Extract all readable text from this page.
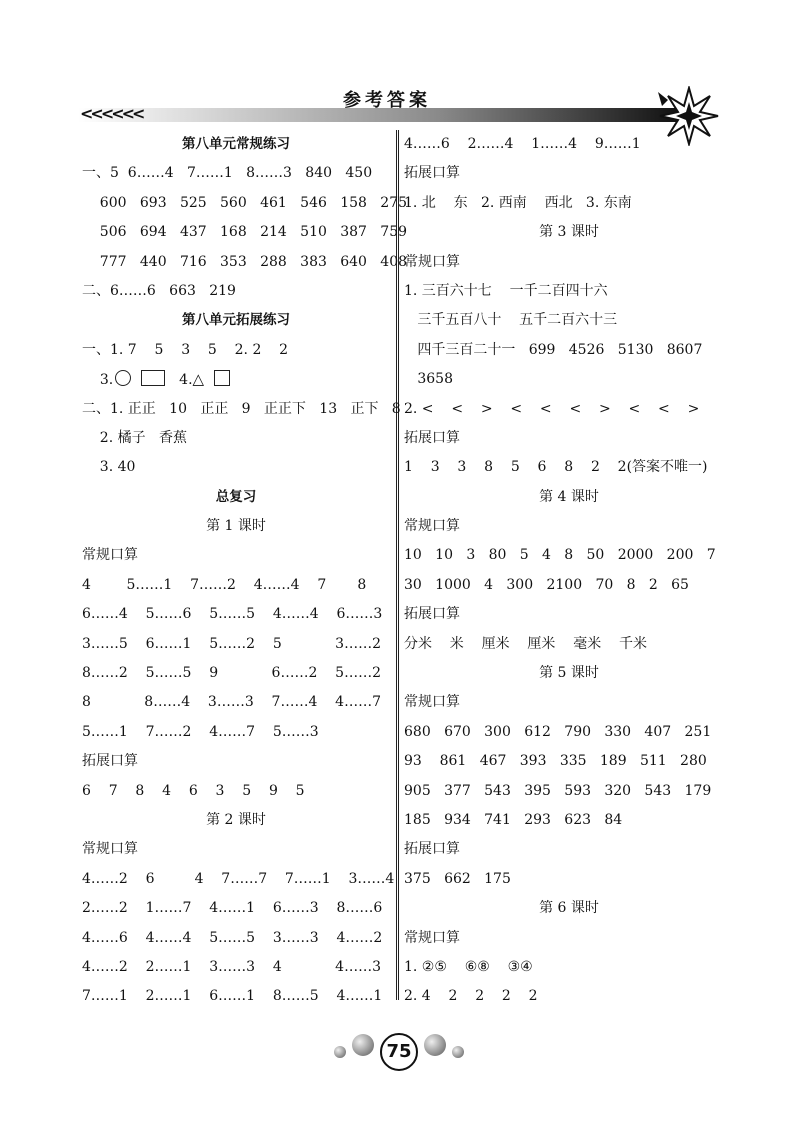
<<<<<<
参考答案
第八单元常规练习
一、5  6……4   7……1   8……3   840   450
600   693   525   560   461   546   158   275
506   694   437   168   214   510   387   759
777   440   716   353   288   383   640   408
二、6……6   663   219
第八单元拓展练习
一、1. 7    5    3    5    2. 2    2
3.	4.△
二、1. 正正   10   正正   9   正正下   13   正下   8
2. 橘子   香蕉
3. 40
总复习
第 1 课时
常规口算
4        5……1    7……2    4……4    7       8
6……4    5……6    5……5    4……4    6……3
3……5    6……1    5……2    5            3……2
8……2    5……5    9            6……2    5……2
8            8……4    3……3    7……4    4……7
5……1    7……2    4……7    5……3
拓展口算
6    7    8    4    6    3    5    9    5
第 2 课时
常规口算
4……2    6         4    7……7    7……1    3……4
2……2    1……7    4……1    6……3    8……6
4……6    4……4    5……5    3……3    4……2
4……2    2……1    3……3    4            4……3
7……1    2……1    6……1    8……5    4……1
4……6    2……4    1……4    9……1
拓展口算
1. 北    东   2. 西南    西北   3. 东南
第 3 课时
常规口算
1. 三百六十七    一千二百四十六
三千五百八十    五千二百六十三
四千三百二十一   699   4526   5130   8607
3658
2. <    <    >    <    <    <    >    <    <    >
拓展口算
1    3    3    8    5    6    8    2    2(答案不唯一)
第 4 课时
常规口算
10   10   3   80   5   4   8   50   2000   200   7
30   1000   4   300   2100   70   8   2   65
拓展口算
分米    米    厘米    厘米    毫米    千米
第 5 课时
常规口算
680   670   300   612   790   330   407   251
93    861   467   393   335   189   511   280
905   377   543   395   593   320   543   179
185   934   741   293   623   84
拓展口算
375   662   175
第 6 课时
常规口算
1. ②⑤    ⑥⑧    ③④
2. 4    2    2    2    2
75
